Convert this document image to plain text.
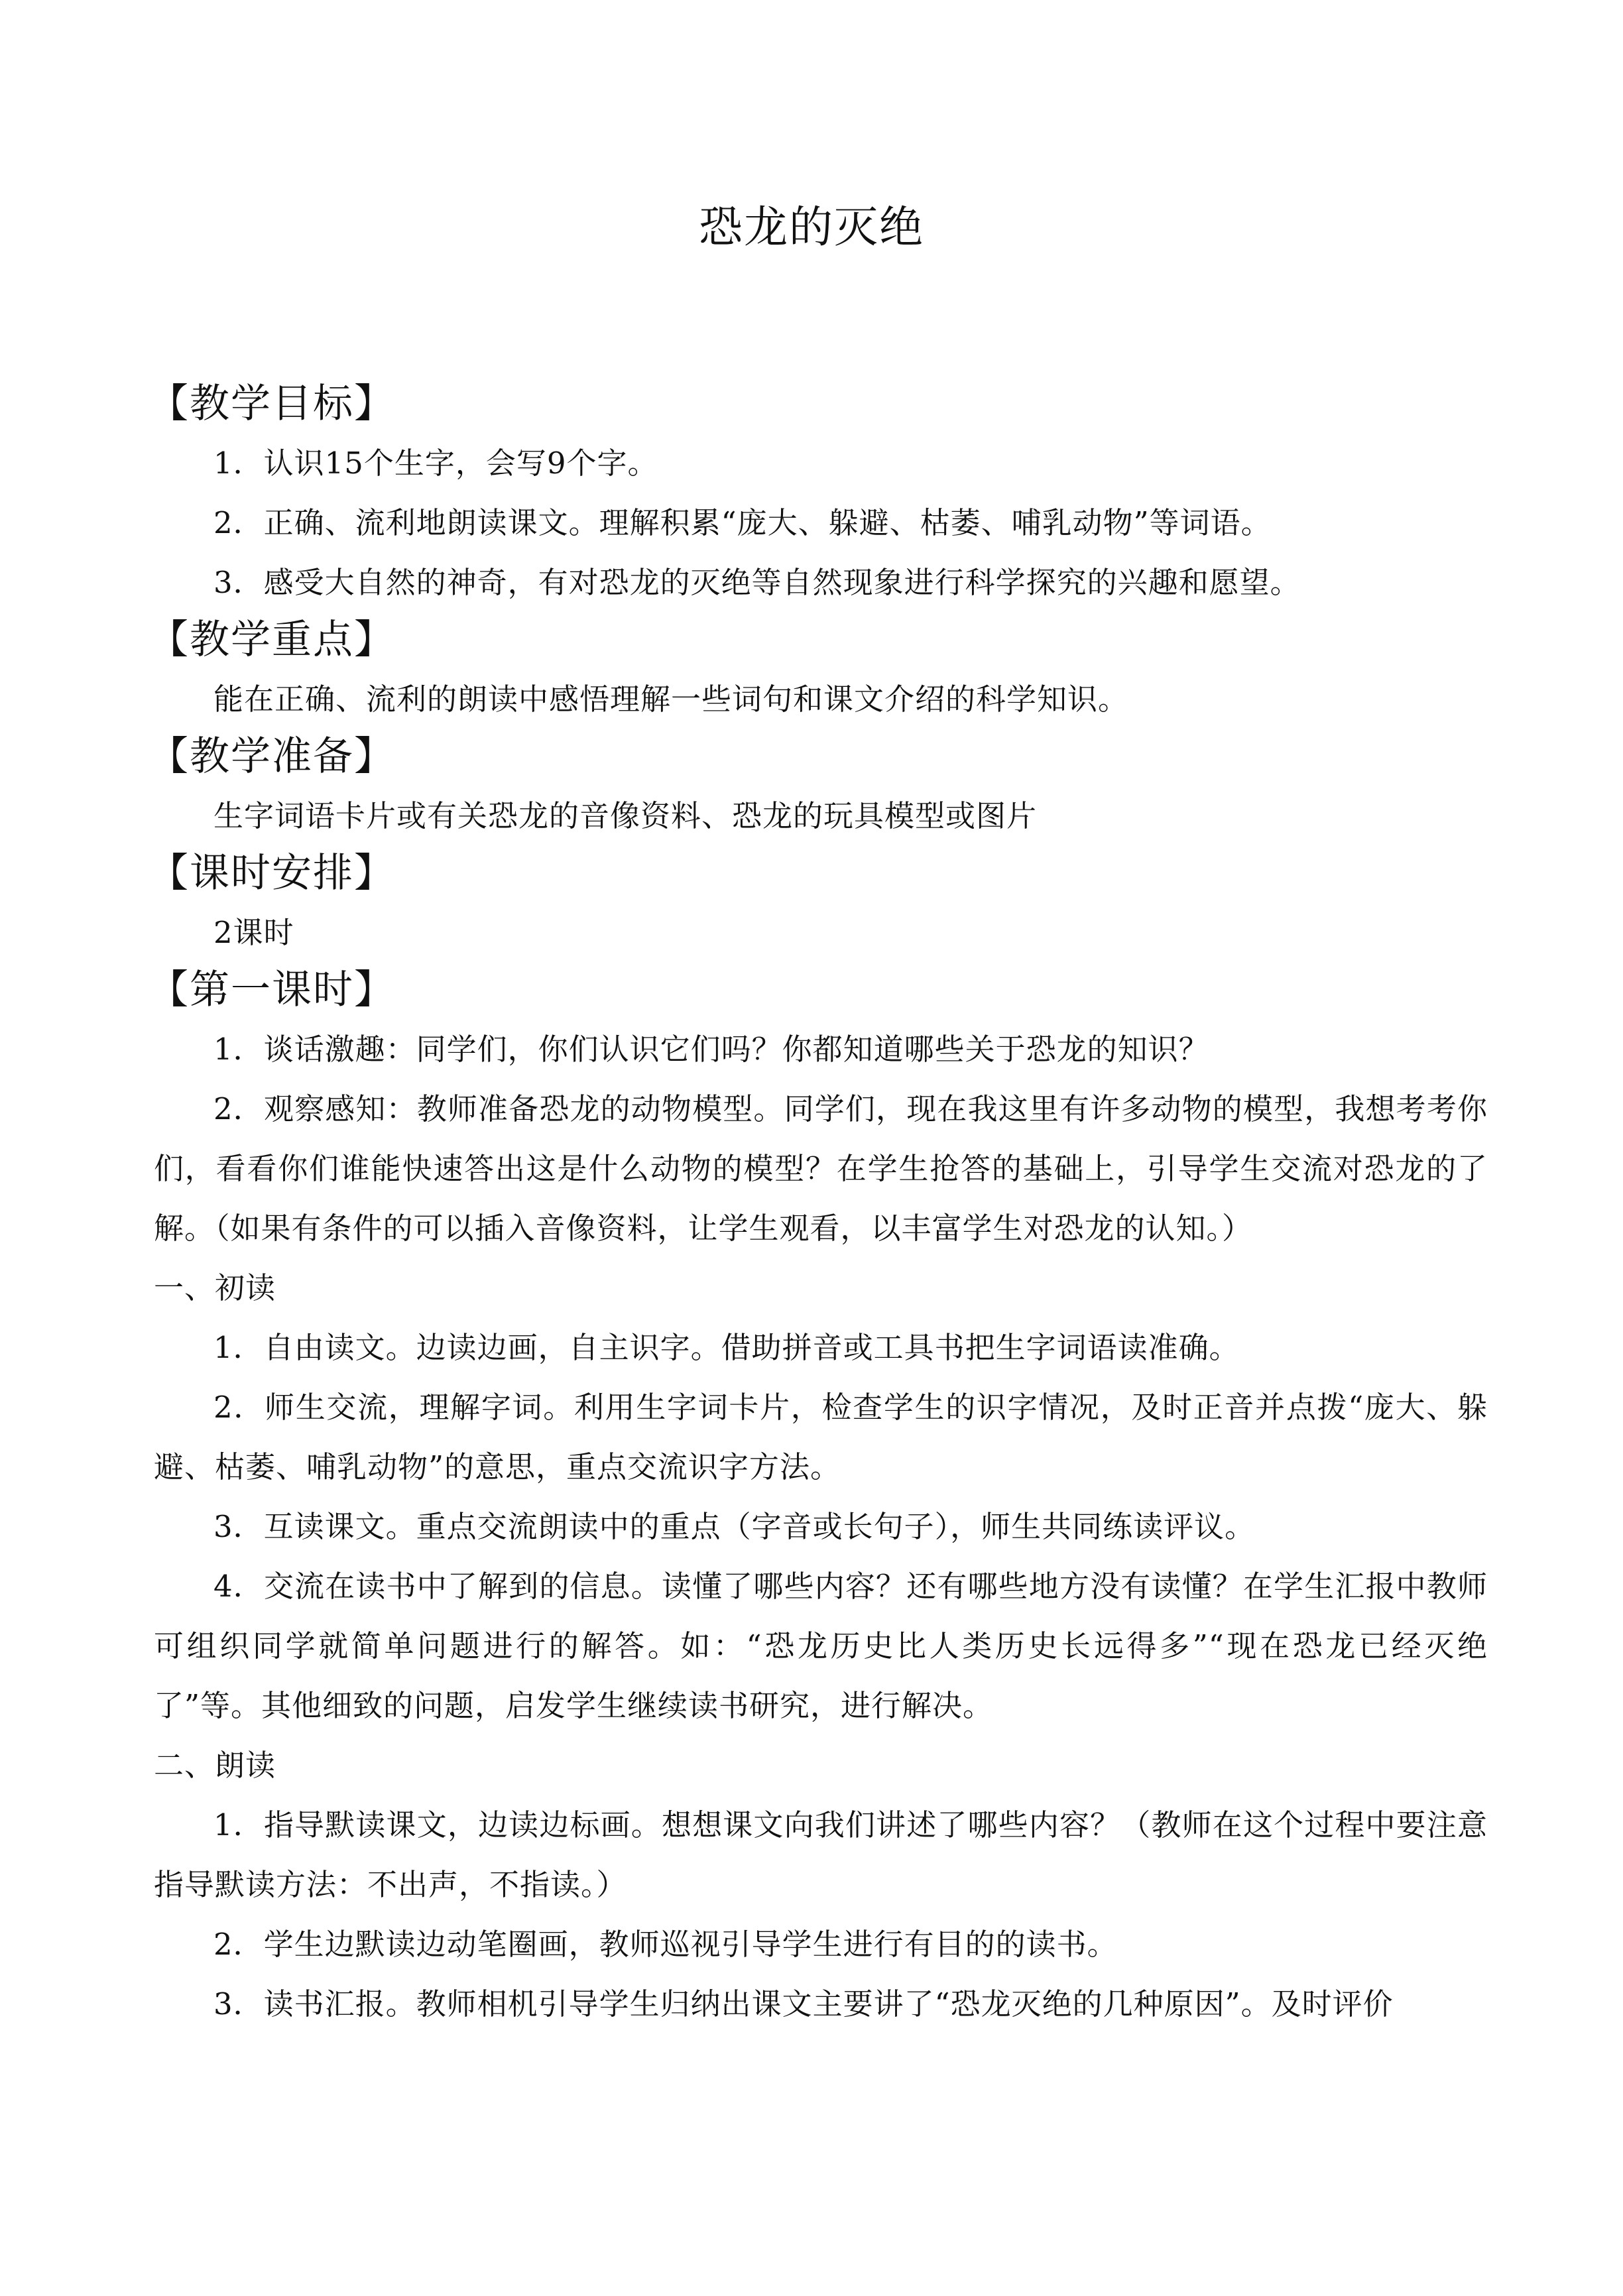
恐龙的灭绝
【教学目标】
1．认识15个生字，会写9个字。
2．正确、流利地朗读课文。理解积累“庞大、躲避、枯萎、哺乳动物”等词语。
3．感受大自然的神奇，有对恐龙的灭绝等自然现象进行科学探究的兴趣和愿望。
【教学重点】
能在正确、流利的朗读中感悟理解一些词句和课文介绍的科学知识。
【教学准备】
生字词语卡片或有关恐龙的音像资料、恐龙的玩具模型或图片
【课时安排】
2课时
【第一课时】
1．谈话激趣：同学们，你们认识它们吗？你都知道哪些关于恐龙的知识？
2．观察感知：教师准备恐龙的动物模型。同学们，现在我这里有许多动物的模型，我想考考你们，看看你们谁能快速答出这是什么动物的模型？在学生抢答的基础上，引导学生交流对恐龙的了解。（如果有条件的可以插入音像资料，让学生观看，以丰富学生对恐龙的认知。）
一、初读
1．自由读文。边读边画，自主识字。借助拼音或工具书把生字词语读准确。
2．师生交流，理解字词。利用生字词卡片，检查学生的识字情况，及时正音并点拨“庞大、躲避、枯萎、哺乳动物”的意思，重点交流识字方法。
3．互读课文。重点交流朗读中的重点（字音或长句子），师生共同练读评议。
4．交流在读书中了解到的信息。读懂了哪些内容？还有哪些地方没有读懂？在学生汇报中教师可组织同学就简单问题进行的解答。如：“恐龙历史比人类历史长远得多”“现在恐龙已经灭绝了”等。其他细致的问题，启发学生继续读书研究，进行解决。
二、朗读
1．指导默读课文，边读边标画。想想课文向我们讲述了哪些内容？（教师在这个过程中要注意指导默读方法：不出声，不指读。）
2．学生边默读边动笔圈画，教师巡视引导学生进行有目的的读书。
3．读书汇报。教师相机引导学生归纳出课文主要讲了“恐龙灭绝的几种原因”。及时评价
